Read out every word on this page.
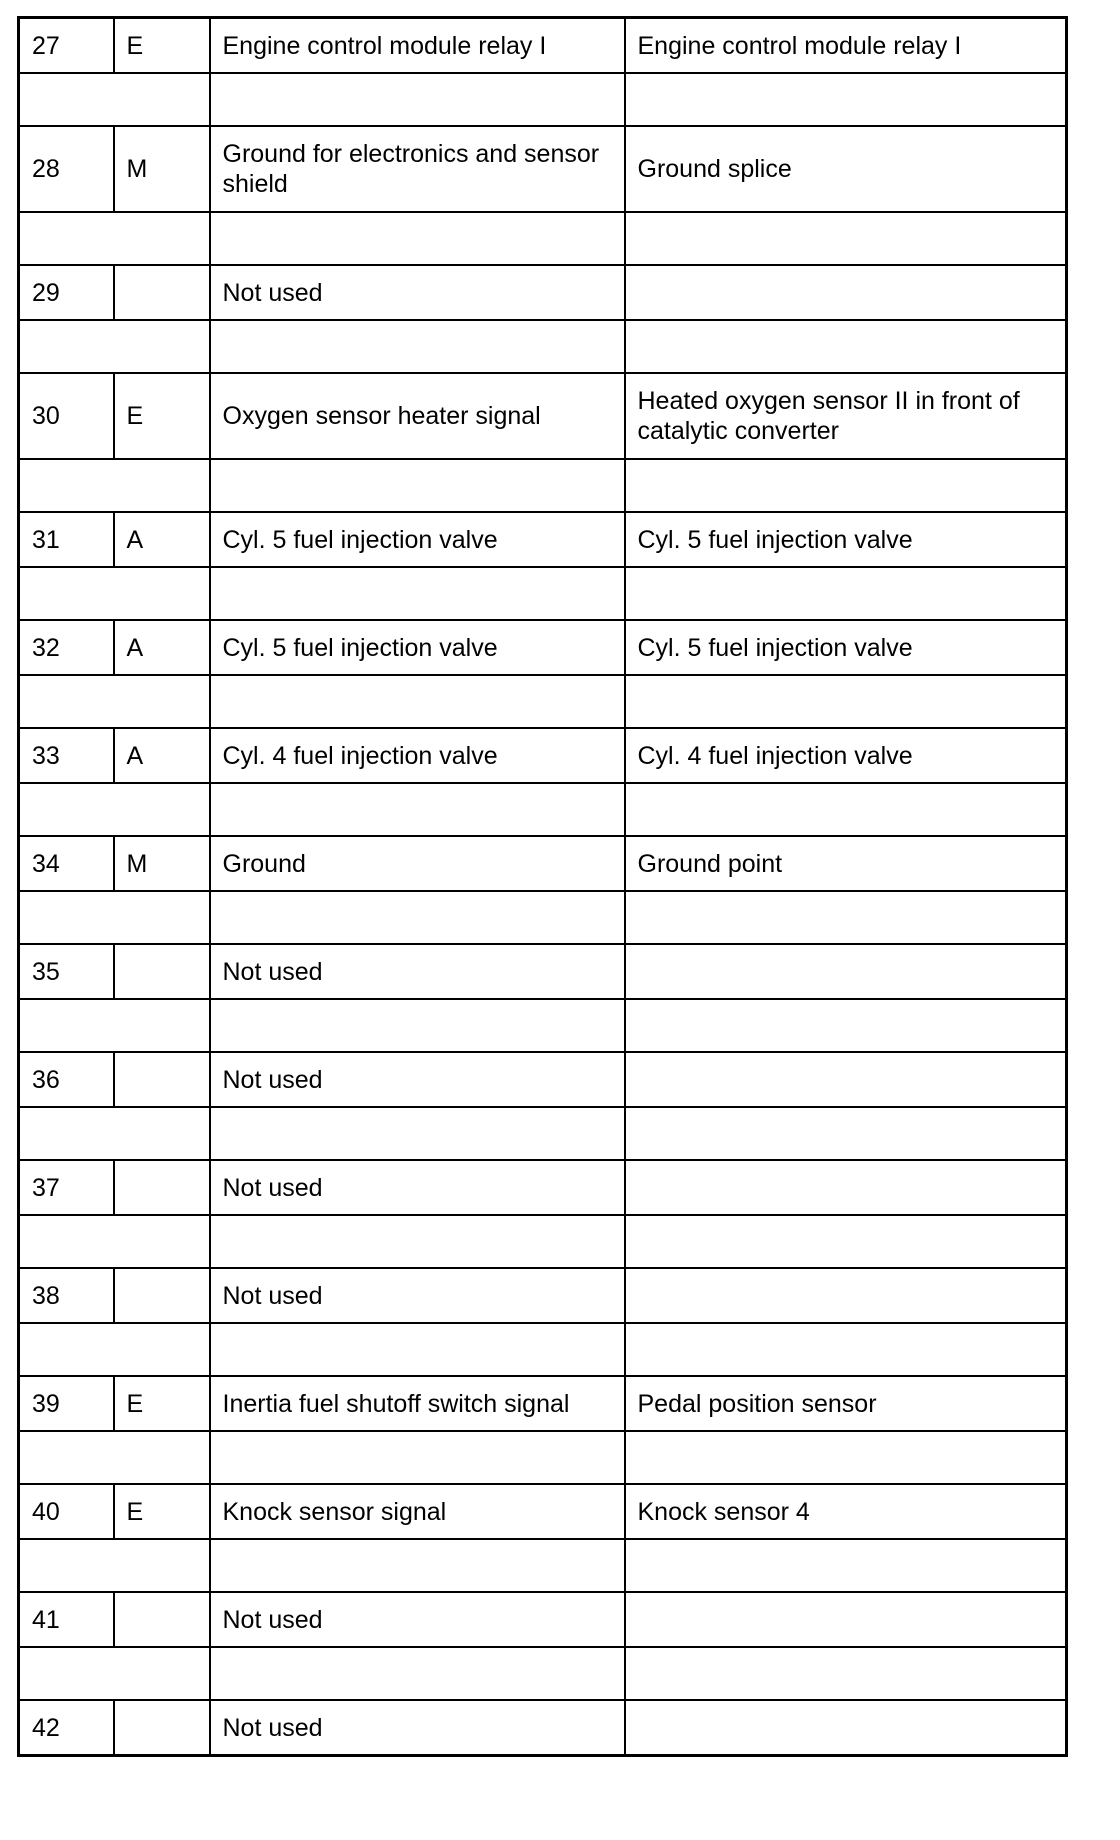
27	E	Engine control module relay I	Engine control module relay I

28	M	Ground for electronics and sensor shield	Ground splice

29		Not used	

30	E	Oxygen sensor heater signal	Heated oxygen sensor II in front of catalytic converter

31	A	Cyl. 5 fuel injection valve	Cyl. 5 fuel injection valve

32	A	Cyl. 5 fuel injection valve	Cyl. 5 fuel injection valve

33	A	Cyl. 4 fuel injection valve	Cyl. 4 fuel injection valve

34	M	Ground	Ground point

35		Not used	

36		Not used	

37		Not used	

38		Not used	

39	E	Inertia fuel shutoff switch signal	Pedal position sensor

40	E	Knock sensor signal	Knock sensor 4

41		Not used	

42		Not used	
